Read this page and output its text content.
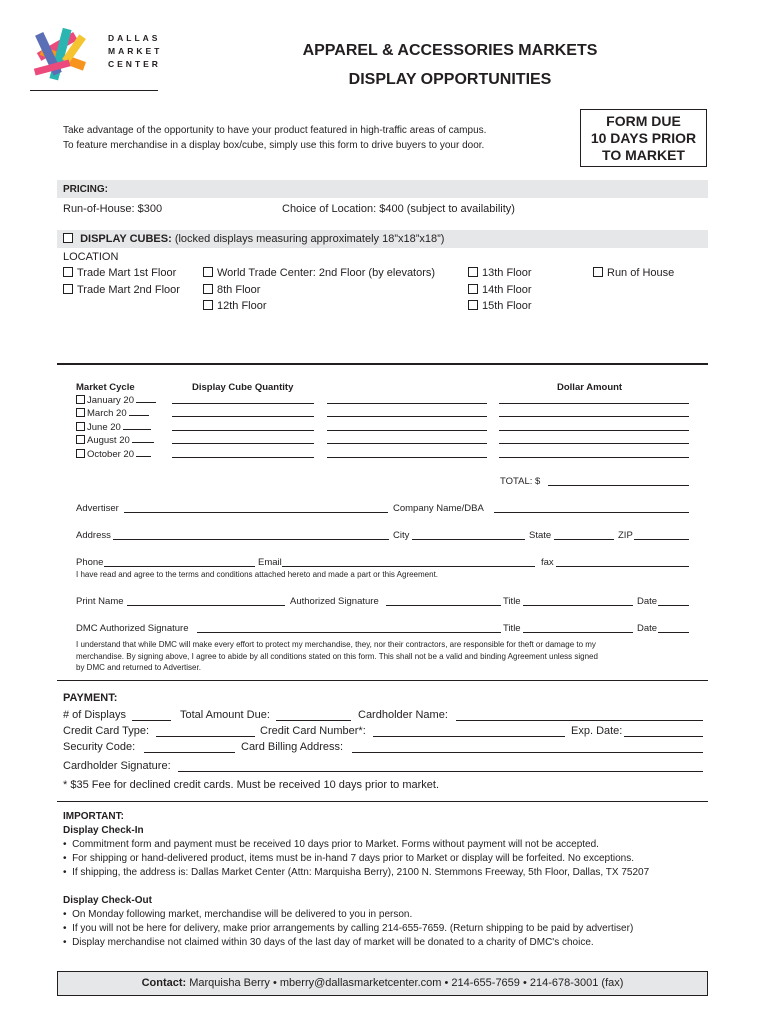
DALLAS
MARKET
CENTER
APPAREL & ACCESSORIES MARKETS
DISPLAY OPPORTUNITIES
Take advantage of the opportunity to have your product featured in high-traffic areas of campus.
To feature merchandise in a display box/cube, simply use this form to drive buyers to your door.
FORM DUE
10 DAYS PRIOR
TO MARKET
PRICING:
Run-of-House: $300	Choice of Location: $400 (subject to availability)
DISPLAY CUBES: (locked displays measuring approximately 18”x18”x18”)
LOCATION
Trade Mart 1st Floor
Trade Mart 2nd Floor
World Trade Center: 2nd Floor (by elevators)
8th Floor
12th Floor
13th Floor
14th Floor
15th Floor
Run of House
Market Cycle	Display Cube Quantity	Dollar Amount
January 20
March 20
June 20
August 20
October 20
TOTAL: $
Advertiser	Company Name/DBA
Address	City	State	ZIP
Phone	Email	fax
I have read and agree to the terms and conditions attached hereto and made a part or this Agreement.
Print Name	Authorized Signature	Title	Date
DMC Authorized Signature	Title	Date
I understand that while DMC will make every effort to protect my merchandise, they, nor their contractors, are responsible for theft or damage to my
merchandise. By signing above, I agree to abide by all conditions stated on this form. This shall not be a valid and binding Agreement unless signed
by DMC and returned to Advertiser.
PAYMENT:
# of Displays	Total Amount Due:	Cardholder Name:
Credit Card Type:	Credit Card Number*:	Exp. Date:
Security Code:	Card Billing Address:
Cardholder Signature:
* $35 Fee for declined credit cards. Must be received 10 days prior to market.
IMPORTANT:
Display Check-In
•  Commitment form and payment must be received 10 days prior to Market. Forms without payment will not be accepted.
•  For shipping or hand-delivered product, items must be in-hand 7 days prior to Market or display will be forfeited. No exceptions.
•  If shipping, the address is: Dallas Market Center (Attn: Marquisha Berry), 2100 N. Stemmons Freeway, 5th Floor, Dallas, TX 75207
Display Check-Out
•  On Monday following market, merchandise will be delivered to you in person.
•  If you will not be here for delivery, make prior arrangements by calling 214-655-7659. (Return shipping to be paid by advertiser)
•  Display merchandise not claimed within 30 days of the last day of market will be donated to a charity of DMC's choice.
Contact: Marquisha Berry • mberry@dallasmarketcenter.com • 214-655-7659 • 214-678-3001 (fax)
